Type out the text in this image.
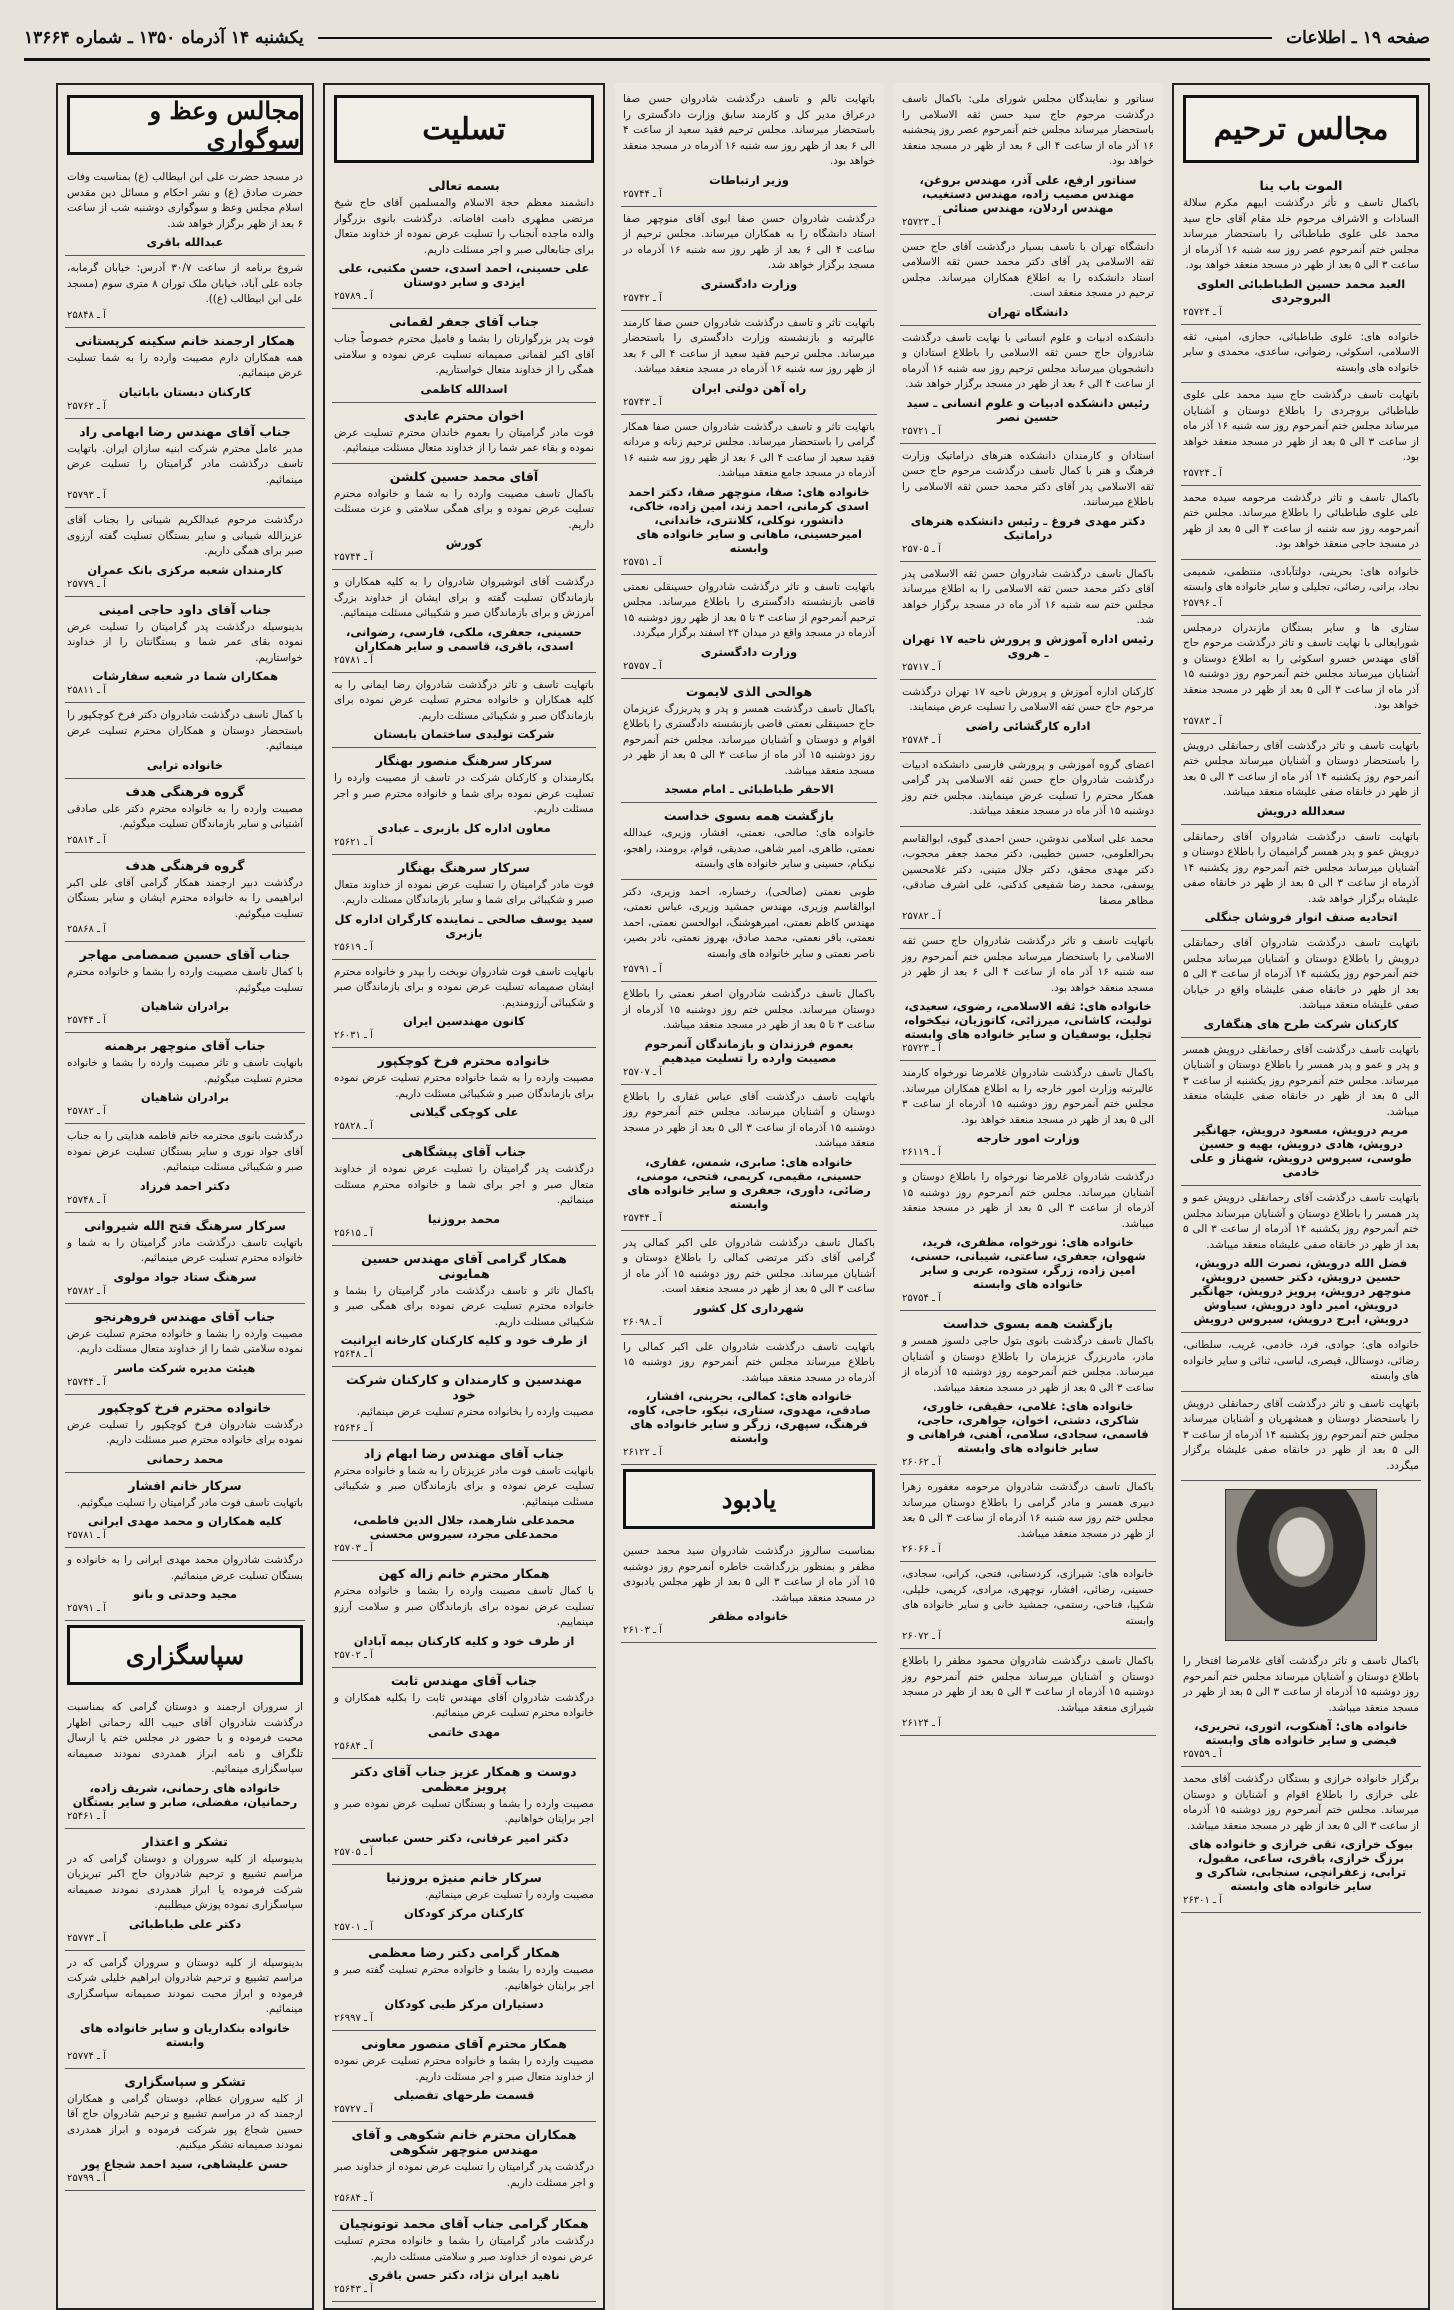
صفحه ۱۹ ـ اطلاعات
یکشنبه ۱۴ آذرماه ۱۳۵۰ ـ شماره ۱۳۶۶۴
مجالس ترحیم
الموت باب ینا
باکمال تاسف و تأثر درگذشت ابیهم مکرم سلالة السادات و الاشراف مرحوم خلد مقام آقای حاج سید محمد علی علوی طباطبائی را باستحضار میرساند مجلس ختم آنمرحوم عصر روز سه شنبه ۱۶ آذرماه از ساعت ۳ الی ۵ بعد از ظهر در مسجد منعقد خواهد بود.
العبد محمد حسین الطباطبائی العلوی البروجردی
آ ـ ۲۵۷۲۴
خانواده های: علوی طباطبائی، حجازی، امینی، ثقه الاسلامی، اسکوئی، رضوانی، ساعدی، محمدی و سایر خانواده های وابسته
باتهایت تاسف درگذشت حاج سید محمد علی علوی طباطبائی بروجردی را باطلاع دوستان و آشنایان میرساند مجلس ختم آنمرحوم روز سه شنبه ۱۶ آذر ماه از ساعت ۳ الی ۵ بعد از ظهر در مسجد منعقد خواهد بود.
آ ـ ۲۵۷۲۴
باکمال تاسف و تاثر درگذشت مرحومه سیده محمد علی علوی طباطبائی را باطلاع میرساند. مجلس ختم آنمرحومه روز سه شنبه از ساعت ۳ الی ۵ بعد از ظهر در مسجد حاجی منعقد خواهد بود.
خانواده های: بحرینی، دولتآبادی، منتظمی، شمیمی نجاد، براتی، رضائی، تجلیلی و سایر خانواده های وابسته
آ ـ ۲۵۷۹۶
ستاری ها و سایر بستگان مازندران درمجلس شورایعالی با نهایت تاسف و تاثر درگذشت مرحوم حاج آقای مهندس خسرو اسکوئی را به اطلاع دوستان و آشنایان میرساند مجلس ختم آنمرحوم روز دوشنبه ۱۵ آذر ماه از ساعت ۳ الی ۵ بعد از ظهر در مسجد منعقد خواهد بود.
آ ـ ۲۵۷۸۳
باتهایت تاسف و تاثر درگذشت آقای رحمانقلی درویش را باستحضار دوستان و آشنایان میرساند مجلس ختم آنمرحوم روز یکشنبه ۱۴ آذر ماه از ساعت ۳ الی ۵ بعد از ظهر در خانقاه صفی علیشاه منعقد میباشد.
سعدالله درویش
باتهایت تاسف درگذشت شادروان آقای رحمانقلی درویش عمو و پدر همسر گرامیمان را باطلاع دوستان و آشنایان میرساند مجلس ختم آنمرحوم روز یکشنبه ۱۴ آذرماه از ساعت ۳ الی ۵ بعد از ظهر در خانقاه صفی علیشاه برگزار خواهد شد.
اتحادیه صنف انوار فروشان جنگلی
باتهایت تاسف درگذشت شادروان آقای رحمانقلی درویش را باطلاع دوستان و آشنایان میرساند مجلس ختم آنمرحوم روز یکشنبه ۱۴ آذرماه از ساعت ۳ الی ۵ بعد از ظهر در خانقاه صفی علیشاه واقع در خیابان صفی علیشاه منعقد میباشد.
کارکنان شرکت طرح های هنگفاری
باتهایت تاسف درگذشت آقای رحمانقلی درویش همسر و پدر و عمو و پدر همسر را باطلاع دوستان و آشنایان میرساند. مجلس ختم آنمرحوم روز یکشنبه از ساعت ۳ الی ۵ بعد از ظهر در خانقاه صفی علیشاه منعقد میباشد.
مریم درویش، مسعود درویش، جهانگیر درویش، هادی درویش، بهیه و حسین طوسی، سیروس درویش، شهناز و علی خادمی
باتهایت تاسف درگذشت آقای رحمانقلی درویش عمو و پدر همسر را باطلاع دوستان و آشنایان میرساند مجلس ختم آنمرحوم روز یکشنبه ۱۴ آذرماه از ساعت ۳ الی ۵ بعد از ظهر در خانقاه صفی علیشاه منعقد میباشد.
فضل الله درویش، نصرت الله درویش، حسین درویش، دکتر حسین درویش، منوچهر درویش، پرویز درویش، جهانگیر درویش، امیر داود درویش، سیاوش درویش، ایرج درویش، سیروس درویش
خانواده های: جوادی، فرد، خادمی، غریب، سلطانی، رضائی، دوستالل، قیصری، لباسی، ثنائی و سایر خانواده های وابسته
باتهایت تاسف و تاثر درگذشت آقای رحمانقلی درویش را باستحضار دوستان و همشهریان و آشنایان میرساند مجلس ختم آنمرحوم روز یکشنبه ۱۴ آذرماه از ساعت ۳ الی ۵ بعد از ظهر در خانقاه صفی علیشاه برگزار میگردد.
باکمال تاسف و تاثر درگذشت آقای غلامرضا افتخار را باطلاع دوستان و آشنایان میرساند مجلس ختم آنمرحوم روز دوشنبه ۱۵ آذرماه از ساعت ۳ الی ۵ بعد از ظهر در مسجد منعقد میباشد.
خانواده های: آهنکوب، اتوری، تحریری، فیضی و سایر خانواده های وابسته
آ ـ ۲۵۷۵۹
برگزار خانواده خرازی و بستگان درگذشت آقای محمد علی خرازی را باطلاع اقوام و آشنایان و دوستان میرساند. مجلس ختم آنمرحوم روز دوشنبه ۱۵ آذرماه از ساعت ۳ الی ۵ بعد از ظهر در مسجد منعقد میباشد.
بیوک خرازی، تقی خرازی و خانواده های برزگ خرازی، باقری، ساعی، مقبول، ترابی، زعفرانچی، سنجابی، شاکری و سایر خانواده های وابسته
آ ـ ۲۶۳۰۱
سناتور و نمایندگان مجلس شورای ملی: باکمال تاسف درگذشت مرحوم حاج سید حسن ثقه الاسلامی را باستحضار میرساند مجلس ختم آنمرحوم عصر روز پنجشنبه ۱۶ آذر ماه از ساعت ۴ الی ۶ بعد از ظهر در مسجد منعقد خواهد بود.
سناتور ارفع، علی آذر، مهندس بروغن، مهندس مصیب زاده، مهندس دستغیب، مهندس اردلان، مهندس صنائی
آ ـ ۲۵۷۲۳
دانشگاه تهران با تاسف بسیار درگذشت آقای حاج حسن ثقه الاسلامی پدر آقای دکتر محمد حسن ثقه الاسلامی استاد دانشکده را به اطلاع همکاران میرساند. مجلس ترحیم در مسجد منعقد است.
دانشگاه تهران
دانشکده ادبیات و علوم انسانی با نهایت تاسف درگذشت شادروان حاج حسن ثقه الاسلامی را باطلاع استادان و دانشجویان میرساند مجلس ترحیم روز سه شنبه ۱۶ آذرماه از ساعت ۴ الی ۶ بعد از ظهر در مسجد برگزار خواهد شد.
رئیس دانشکده ادبیات و علوم انسانی ـ سید حسین نصر
آ ـ ۲۵۷۲۱
استادان و کارمندان دانشکده هنرهای دراماتیک وزارت فرهنگ و هنر با کمال تاسف درگذشت مرحوم حاج حسن ثقه الاسلامی پدر آقای دکتر محمد حسن ثقه الاسلامی را باطلاع میرسانند.
دکتر مهدی فروغ ـ رئیس دانشکده هنرهای دراماتیک
آ ـ ۲۵۷۰۵
باکمال تاسف درگذشت شادروان حسن ثقه الاسلامی پدر آقای دکتر محمد حسن ثقه الاسلامی را به اطلاع میرساند مجلس ختم سه شنبه ۱۶ آذر ماه در مسجد برگزار خواهد شد.
رئیس اداره آموزش و پرورش ناحیه ۱۷ تهران ـ هروی
آ ـ ۲۵۷۱۷
کارکنان اداره آموزش و پرورش ناحیه ۱۷ تهران درگذشت مرحوم حاج حسن ثقه الاسلامی را تسلیت عرض مینمایند.
اداره کارگشائی راضی
آ ـ ۲۵۷۸۴
اعضای گروه آموزشی و پرورشی فارسی دانشکده ادبیات درگذشت شادروان حاج حسن ثقه الاسلامی پدر گرامی همکار محترم را تسلیت عرض مینمایند. مجلس ختم روز دوشنبه ۱۵ آذر ماه در مسجد منعقد میباشد.
محمد علی اسلامی ندوشن، حسن احمدی گیوی، ابوالقاسم بحرالعلومی، حسین خطیبی، دکتر محمد جعفر محجوب، دکتر مهدی محقق، دکتر جلال متینی، دکتر غلامحسین یوسفی، محمد رضا شفیعی کدکنی، علی اشرف صادقی، مظاهر مصفا
آ ـ ۲۵۷۸۲
باتهایت تاسف و تاثر درگذشت شادروان حاج حسن ثقه الاسلامی را باستحضار میرساند مجلس ختم آنمرحوم روز سه شنبه ۱۶ آذر ماه از ساعت ۴ الی ۶ بعد از ظهر در مسجد منعقد خواهد بود.
خانواده های: ثقه الاسلامی، رضوی، سعیدی، تولیت، کاشانی، میرزائی، کاتوزیان، نیکخواه، تجلیل، یوسفیان و سایر خانواده های وابسته
آ ـ ۲۵۷۲۳
باکمال تاسف درگذشت شادروان غلامرضا نورخواه کارمند عالیرتبه وزارت امور خارجه را به اطلاع همکاران میرساند. مجلس ختم آنمرحوم روز دوشنبه ۱۵ آذرماه از ساعت ۳ الی ۵ بعد از ظهر در مسجد منعقد خواهد بود.
وزارت امور خارجه
آ ـ ۲۶۱۱۹
درگذشت شادروان غلامرضا نورخواه را باطلاع دوستان و آشنایان میرساند. مجلس ختم آنمرحوم روز دوشنبه ۱۵ آذرماه از ساعت ۳ الی ۵ بعد از ظهر در مسجد منعقد میباشد.
خانواده های: نورخواه، مظفری، فرید، شهوان، جعفری، ساعتی، شیبانی، حسنی، امین زاده، زرگر، ستوده، عربی و سایر خانواده های وابسته
آ ـ ۲۵۷۵۴
بازگشت همه بسوی خداست
باکمال تاسف درگذشت بانوی بتول حاجی دلسوز همسر و مادر، مادربزرگ عزیزمان را باطلاع دوستان و آشنایان میرساند. مجلس ختم آنمرحومه روز دوشنبه ۱۵ آذرماه از ساعت ۳ الی ۵ بعد از ظهر در مسجد منعقد میباشد.
خانواده های: غلامی، حقیقی، خاوری، شاکری، دشتی، اخوان، جواهری، حاجی، قاسمی، سجادی، سلامی، آهنی، فراهانی و سایر خانواده های وابسته
آ ـ ۲۶۰۶۲
باکمال تاسف درگذشت شادروان مرحومه مغفوره زهرا دبیری همسر و مادر گرامی را باطلاع دوستان میرساند مجلس ختم روز سه شنبه ۱۶ آذرماه از ساعت ۳ الی ۵ بعد از ظهر در مسجد منعقد میباشد.
آ ـ ۲۶۰۶۶
خانواده های: شیرازی، کردستانی، فتحی، کرانی، سجادی، حسینی، رضائی، افشار، نوچهری، مرادی، کریمی، خلیلی، شکیبا، فتاحی، رستمی، جمشید خانی و سایر خانواده های وابسته
آ ـ ۲۶۰۷۲
باکمال تاسف درگذشت شادروان محمود مظفر را باطلاع دوستان و آشنایان میرساند مجلس ختم آنمرحوم روز دوشنبه ۱۵ آذرماه از ساعت ۳ الی ۵ بعد از ظهر در مسجد شیرازی منعقد میباشد.
آ ـ ۲۶۱۲۴
باتهایت تالم و تاسف درگذشت شادروان حسن صفا درعراق مدیر کل و کارمند سابق وزارت دادگستری را باستحضار میرساند. مجلس ترحیم فقید سعید از ساعت ۴ الی ۶ بعد از ظهر روز سه شنبه ۱۶ آذرماه در مسجد منعقد خواهد بود.
وزیر ارتباطات
آ ـ ۲۵۷۴۴
درگذشت شادروان حسن صفا ابوی آقای منوچهر صفا استاد دانشگاه را به همکاران میرساند. مجلس ترحیم از ساعت ۴ الی ۶ بعد از ظهر روز سه شنبه ۱۶ آذرماه در مسجد برگزار خواهد شد.
وزارت دادگستری
آ ـ ۲۵۷۴۲
باتهایت تاثر و تاسف درگذشت شادروان حسن صفا کارمند عالیرتبه و بازنشسته وزارت دادگستری را باستحضار میرساند. مجلس ترحیم فقید سعید از ساعت ۴ الی ۶ بعد از ظهر روز سه شنبه ۱۶ آذرماه در مسجد منعقد میباشد.
راه آهن دولتی ایران
آ ـ ۲۵۷۴۳
باتهایت تاثر و تاسف درگذشت شادروان حسن صفا همکار گرامی را باستحضار میرساند. مجلس ترحیم زنانه و مردانه فقید سعید از ساعت ۴ الی ۶ بعد از ظهر روز سه شنبه ۱۶ آذرماه در مسجد جامع منعقد میباشد.
خانواده های: صفا، منوچهر صفا، دکتر احمد اسدی کرمانی، احمد زند، امین زاده، خاکی، دانشور، نوکلی، کلانتری، خاندانی، امیرحسینی، ماهانی و سایر خانواده های وابسته
آ ـ ۲۵۷۵۱
باتهایت تاسف و تاثر درگذشت شادروان حسینقلی نعمتی قاضی بازنشسته دادگستری را باطلاع میرساند. مجلس ترحیم آنمرحوم از ساعت ۳ تا ۵ بعد از ظهر روز دوشنبه ۱۵ آذرماه در مسجد واقع در میدان ۲۴ اسفند برگزار میگردد.
وزارت دادگستری
آ ـ ۲۵۷۵۷
هوالحی الذی لایموت
باکمال تاسف درگذشت همسر و پدر و پدربزرگ عزیزمان حاج حسینقلی نعمتی قاضی بازنشسته دادگستری را باطلاع اقوام و دوستان و آشنایان میرساند. مجلس ختم آنمرحوم روز دوشنبه ۱۵ آذر ماه از ساعت ۳ الی ۵ بعد از ظهر در مسجد منعقد میباشد.
الاحقر طباطبائی ـ امام مسجد
بازگشت همه بسوی خداست
خانواده های: صالحی، نعمتی، افشار، وزیری، عبدالله نعمتی، طاهری، امیر شاهی، صدیقی، قوام، برومند، راهجو، نیکنام، حسینی و سایر خانواده های وابسته
طوبی نعمتی (صالحی)، رخساره، احمد وزیری، دکتر ابوالقاسم وزیری، مهندس جمشید وزیری، عباس نعمتی، مهندس کاظم نعمتی، امیرهوشنگ، ابوالحسن نعمتی، احمد نعمتی، باقر نعمتی، محمد صادق، بهروز نعمتی، نادر بصیر، ناصر نعمتی و سایر خانواده های وابسته
آ ـ ۲۵۷۹۱
باکمال تاسف درگذشت شادروان اصغر نعمتی را باطلاع دوستان میرساند. مجلس ختم روز دوشنبه ۱۵ آذرماه از ساعت ۳ تا ۵ بعد از ظهر در مسجد منعقد میباشد.
بعموم فرزندان و بازماندگان آنمرحوم مصیبت وارده را تسلیت میدهیم
آ ـ ۲۵۷۰۷
باتهایت تاسف درگذشت آقای عباس غفاری را باطلاع دوستان و آشنایان میرساند. مجلس ختم آنمرحوم روز دوشنبه ۱۵ آذرماه از ساعت ۳ الی ۵ بعد از ظهر در مسجد منعقد میباشد.
خانواده های: صابری، شمس، غفاری، حسینی، مقیمی، کریمی، فتحی، مومنی، رضائی، داوری، جعفری و سایر خانواده های وابسته
آ ـ ۲۵۷۴۴
باکمال تاسف درگذشت شادروان علی اکبر کمالی پدر گرامی آقای دکتر مرتضی کمالی را باطلاع دوستان و آشنایان میرساند. مجلس ختم روز دوشنبه ۱۵ آذر ماه از ساعت ۳ الی ۵ بعد از ظهر در مسجد منعقد است.
شهرداری کل کشور
آ ـ ۲۶۰۹۸
باتهایت تاسف درگذشت شادروان علی اکبر کمالی را باطلاع میرساند مجلس ختم آنمرحوم روز دوشنبه ۱۵ آذرماه در مسجد منعقد میباشد.
خانواده های: کمالی، بحرینی، افشار، صادقی، مهدوی، ستاری، نیکو، حاجی، کاوه، فرهنگ، سپهری، زرگر و سایر خانواده های وابسته
آ ـ ۲۶۱۲۲
یادبود
بمناسبت سالروز درگذشت شادروان سید محمد حسین مظفر و بمنظور بزرگداشت خاطره آنمرحوم روز دوشنبه ۱۵ آذر ماه از ساعت ۳ الی ۵ بعد از ظهر مجلس یادبودی در مسجد منعقد میباشد.
خانواده مظفر
آ ـ ۲۶۱۰۳
تسلیت
بسمه تعالی
دانشمند معظم حجة الاسلام والمسلمین آقای حاج شیخ مرتضی مطهری دامت افاضاته. درگذشت بانوی بزرگوار والده ماجده آنجناب را تسلیت عرض نموده از خداوند متعال برای جنابعالی صبر و اجر مسئلت داریم.
علی حسینی، احمد اسدی، حسن مکتبی، علی ایزدی و سایر دوستان
آ ـ ۲۵۷۸۹
جناب آقای جعفر لقمانی
فوت پدر بزرگوارتان را بشما و فامیل محترم خصوصاً جناب آقای اکبر لقمانی صمیمانه تسلیت عرض نموده و سلامتی همگی را از خداوند متعال خواستاریم.
اسدالله کاظمی
اخوان محترم عابدی
فوت مادر گرامیتان را بعموم خاندان محترم تسلیت عرض نموده و بقاء عمر شما را از خداوند متعال مسئلت مینمائیم.
آقای محمد حسین کلشن
باکمال تاسف مصیبت وارده را به شما و خانواده محترم تسلیت عرض نموده و برای همگی سلامتی و عزت مسئلت داریم.
کورش
آ ـ ۲۵۷۴۴
درگذشت آقای انوشیروان شادروان را به کلیه همکاران و بازماندگان تسلیت گفته و برای ایشان از خداوند بزرگ آمرزش و برای بازماندگان صبر و شکیبائی مسئلت مینمائیم.
حسینی، جعفری، ملکی، فارسی، رضوانی، اسدی، باقری، قاسمی و سایر همکاران
آ ـ ۲۵۷۸۱
باتهایت تاسف و تاثر درگذشت شادروان رضا ایمانی را به کلیه همکاران و خانواده محترم تسلیت عرض نموده برای بازماندگان صبر و شکیبائی مسئلت داریم.
شرکت تولیدی ساختمان بابستان
سرکار سرهنگ منصور بهنگار
بکارمندان و کارکنان شرکت در تاسف از مصیبت وارده را تسلیت عرض نموده برای شما و خانواده محترم صبر و اجر مسئلت داریم.
معاون اداره کل بازبری ـ عبادی
آ ـ ۲۵۶۲۱
سرکار سرهنگ بهنگار
فوت مادر گرامیتان را تسلیت عرض نموده از خداوند متعال صبر و شکیبائی برای شما و سایر بازماندگان مسئلت داریم.
سید یوسف صالحی ـ نماینده کارگران اداره کل بازبری
آ ـ ۲۵۶۱۹
بانهایت تاسف فوت شادروان نوبخت را بپدر و خانواده محترم ایشان صمیمانه تسلیت عرض نموده و برای بازماندگان صبر و شکیبائی آرزومندیم.
کانون مهندسین ایران
آ ـ ۲۶۰۳۱
خانواده محترم فرخ کوچکپور
مصیبت وارده را به شما خانواده محترم تسلیت عرض نموده برای بازماندگان صبر و شکیبائی مسئلت داریم.
علی کوچکی گیلانی
آ ـ ۲۵۸۲۸
جناب آقای پیشگاهی
درگذشت پدر گرامیتان را تسلیت عرض نموده از خداوند متعال صبر و اجر برای شما و خانواده محترم مسئلت مینمائیم.
محمد بروزنیا
آ ـ ۲۵۶۱۵
همکار گرامی آقای مهندس حسین همایونی
باکمال تاثر و تاسف درگذشت مادر گرامیتان را بشما و خانواده محترم تسلیت عرض نموده برای همگی صبر و شکیبائی مسئلت داریم.
از طرف خود و کلیه کارکنان کارخانه ایرانیت
آ ـ ۲۵۶۴۸
مهندسین و کارمندان و کارکنان شرکت خود
مصیبت وارده را بخانواده محترم تسلیت عرض مینمائیم.
آ ـ ۲۵۶۴۶
جناب آقای مهندس رضا ابهام زاد
بانهایت تاسف فوت مادر عزیزتان را به شما و خانواده محترم تسلیت عرض نموده و برای بازماندگان صبر و شکیبائی مسئلت مینمائیم.
محمدعلی شارهمد، جلال الدین فاطمی، محمدعلی مجرد، سیروس محسنی
آ ـ ۲۵۷۰۳
همکار محترم خانم زاله کهن
با کمال تاسف مصیبت وارده را بشما و خانواده محترم تسلیت عرض نموده برای بازماندگان صبر و سلامت آرزو مینماییم.
از طرف خود و کلیه کارکنان بیمه آبادان
آ ـ ۲۵۷۰۲
جناب آقای مهندس ثابت
درگذشت شادروان آقای مهندس ثابت را بکلیه همکاران و خانواده محترم تسلیت عرض مینمائیم.
مهدی خاتمی
آ ـ ۲۵۶۸۴
دوست و همکار عزیز جناب آقای دکتر پرویز معظمی
مصیبت وارده را بشما و بستگان تسلیت عرض نموده صبر و اجر برایتان خواهانیم.
دکتر امیر عرفانی، دکتر حسن عباسی
آ ـ ۲۵۷۰۵
سرکار خانم منیژه بروزنیا
مصیبت وارده را تسلیت عرض مینمائیم.
کارکنان مرکز کودکان
آ ـ ۲۵۷۰۱
همکار گرامی دکتر رضا معظمی
مصیبت وارده را بشما و خانواده محترم تسلیت گفته صبر و اجر برایتان خواهانیم.
دستیاران مرکز طبی کودکان
آ ـ ۲۶۹۹۷
همکار محترم آقای منصور معاونی
مصیبت وارده را بشما و خانواده محترم تسلیت عرض نموده از خداوند متعال صبر و اجر مسئلت داریم.
قسمت طرحهای تفصیلی
آ ـ ۲۵۷۲۷
همکاران محترم خانم شکوهی و آقای مهندس منوچهر شکوهی
درگذشت پدر گرامیتان را تسلیت عرض نموده از خداوند صبر و اجر مسئلت داریم.
آ ـ ۲۵۶۸۴
همکار گرامی جناب آقای محمد توتونچیان
درگذشت مادر گرامیتان را بشما و خانواده محترم تسلیت عرض نموده از خداوند صبر و سلامتی مسئلت داریم.
ناهید ایران نژاد، دکتر حسن باقری
آ ـ ۲۵۶۴۳
مجالس وعظ و سوگواری
در مسجد حضرت علی ابن ابیطالب (ع) بمناسبت وفات حضرت صادق (ع) و نشر احکام و مسائل دین مقدس اسلام مجلس وعظ و سوگواری دوشنبه شب از ساعت ۶ بعد از ظهر برگزار خواهد شد.
عبدالله باقری
شروع برنامه از ساعت ۳۰/۷ آدرس: خیابان گرمابه، جاده علی آباد، خیابان ملک توران ۸ متری سوم (مسجد علی ابن ابیطالب (ع)).
آ ـ ۲۵۸۴۸
همکار ارجمند خانم سکینه کرپستانی
همه همکاران دارم مصیبت وارده را به شما تسلیت عرض مینمائیم.
کارکنان دبستان باباتیان
آ ـ ۲۵۷۶۲
جناب آقای مهندس رضا ابهامی راد
مدیر عامل محترم شرکت ابنیه سازان ایران. باتهایت تاسف درگذشت مادر گرامیتان را تسلیت عرض مینمائیم.
آ ـ ۲۵۷۹۳
درگذشت مرحوم عبدالکریم شیبانی را بجناب آقای عزیزالله شیبانی و سایر بستگان تسلیت گفته آرزوی صبر برای همگی داریم.
کارمندان شعبه مرکزی بانک عمران
آ ـ ۲۵۷۷۹
جناب آقای داود حاجی امینی
بدینوسیله درگذشت پدر گرامیتان را تسلیت عرض نموده بقای عمر شما و بستگانتان را از خداوند خواستاریم.
همکاران شما در شعبه سفارشات
آ ـ ۲۵۸۱۱
با کمال تاسف درگذشت شادروان دکتر فرخ کوچکپور را باستحضار دوستان و همکاران محترم تسلیت عرض مینمائیم.
خانواده ترابی
گروه فرهنگی هدف
مصیبت وارده را به خانواده محترم دکتر علی صادقی آشتیانی و سایر بازماندگان تسلیت میگوئیم.
آ ـ ۲۵۸۱۴
گروه فرهنگی هدف
درگذشت دبیر ارجمند همکار گرامی آقای علی اکبر ابراهیمی را به خانواده محترم ایشان و سایر بستگان تسلیت میگوئیم.
آ ـ ۲۵۸۶۸
جناب آقای حسین صمصامی مهاجر
با کمال تاسف مصیبت وارده را بشما و خانواده محترم تسلیت میگوئیم.
برادران شاهیان
آ ـ ۲۵۷۴۴
جناب آقای منوچهر برهمنه
بانهایت تاسف و تاثر مصیبت وارده را بشما و خانواده محترم تسلیت میگوئیم.
برادران شاهیان
آ ـ ۲۵۷۸۲
درگذشت بانوی محترمه خانم فاطمه هدایتی را به جناب آقای جواد نوری و سایر بستگان تسلیت عرض نموده صبر و شکیبائی مسئلت مینمائیم.
دکتر احمد فرزاد
آ ـ ۲۵۷۴۸
سرکار سرهنگ فتح الله شیروانی
باتهایت تاسف درگذشت مادر گرامیتان را به شما و خانواده محترم تسلیت عرض مینمائیم.
سرهنگ ستاد جواد مولوی
آ ـ ۲۵۷۸۲
جناب آقای مهندس فروهرنجو
مصیبت وارده را بشما و خانواده محترم تسلیت عرض نموده سلامتی شما را از خداوند متعال مسئلت داریم.
هیئت مدیره شرکت ماسر
آ ـ ۲۵۷۴۴
خانواده محترم فرخ کوچکپور
درگذشت شادروان فرخ کوچکپور را تسلیت عرض نموده برای خانواده محترم صبر مسئلت داریم.
محمد رحمانی
سرکار خانم افشار
باتهایت تاسف فوت مادر گرامیتان را تسلیت میگوئیم.
کلیه همکاران و محمد مهدی ایرانی
آ ـ ۲۵۷۸۱
درگذشت شادروان محمد مهدی ایرانی را به خانواده و بستگان تسلیت عرض مینمائیم.
مجید وحدتی و بانو
آ ـ ۲۵۷۹۱
سپاسگزاری
از سروران ارجمند و دوستان گرامی که بمناسبت درگذشت شادروان آقای حبیب الله رحمانی اظهار محبت فرموده و با حضور در مجلس ختم یا ارسال تلگراف و نامه ابراز همدردی نمودند صمیمانه سپاسگزاری مینمائیم.
خانواده های رحمانی، شریف زاده، رحمانیان، مفضلی، صابر و سایر بستگان
آ ـ ۲۵۴۶۱
تشکر و اعتذار
بدینوسیله از کلیه سروران و دوستان گرامی که در مراسم تشییع و ترحیم شادروان حاج اکبر تبریزیان شرکت فرموده یا ابراز همدردی نمودند صمیمانه سپاسگزاری نموده پوزش میطلبیم.
دکتر علی طباطبائی
آ ـ ۲۵۷۷۳
بدینوسیله از کلیه دوستان و سروران گرامی که در مراسم تشییع و ترحیم شادروان ابراهیم خلیلی شرکت فرموده و ابراز محبت نمودند صمیمانه سپاسگزاری مینمائیم.
خانواده بنکداریان و سایر خانواده های وابسته
آ ـ ۲۵۷۷۴
تشکر و سپاسگزاری
از کلیه سروران عظام، دوستان گرامی و همکاران ارجمند که در مراسم تشییع و ترحیم شادروان حاج آقا حسین شجاع پور شرکت فرموده و ابراز همدردی نمودند صمیمانه تشکر میکنیم.
حسن علیشاهی، سید احمد شجاع پور
آ ـ ۲۵۷۹۹
